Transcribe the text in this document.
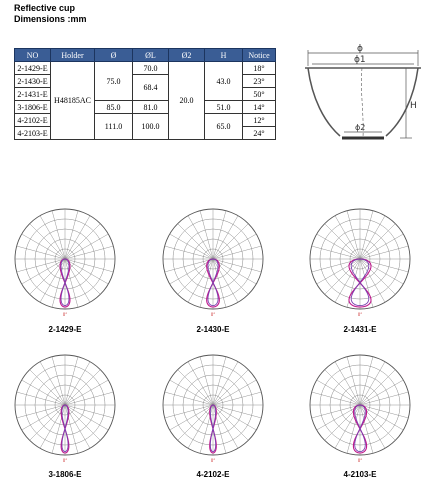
Reflective cup
Dimensions :mm
NO	Holder	Ø	ØL	Ø2	H	Notice
2-1429-E	H48185AC	75.0	70.0	20.0	43.0	18°
2-1430-E			68.4			23°
2-1431-E						50°
3-1806-E		85.0	81.0		51.0	14°
4-2102-E		111.0	100.0		65.0	12°
4-2103-E						24°
ϕ
ϕ1
ϕ2
H
0°	0°	0°
0°	0°	0°
2-1429-E	2-1430-E	2-1431-E
3-1806-E	4-2102-E	4-2103-E
